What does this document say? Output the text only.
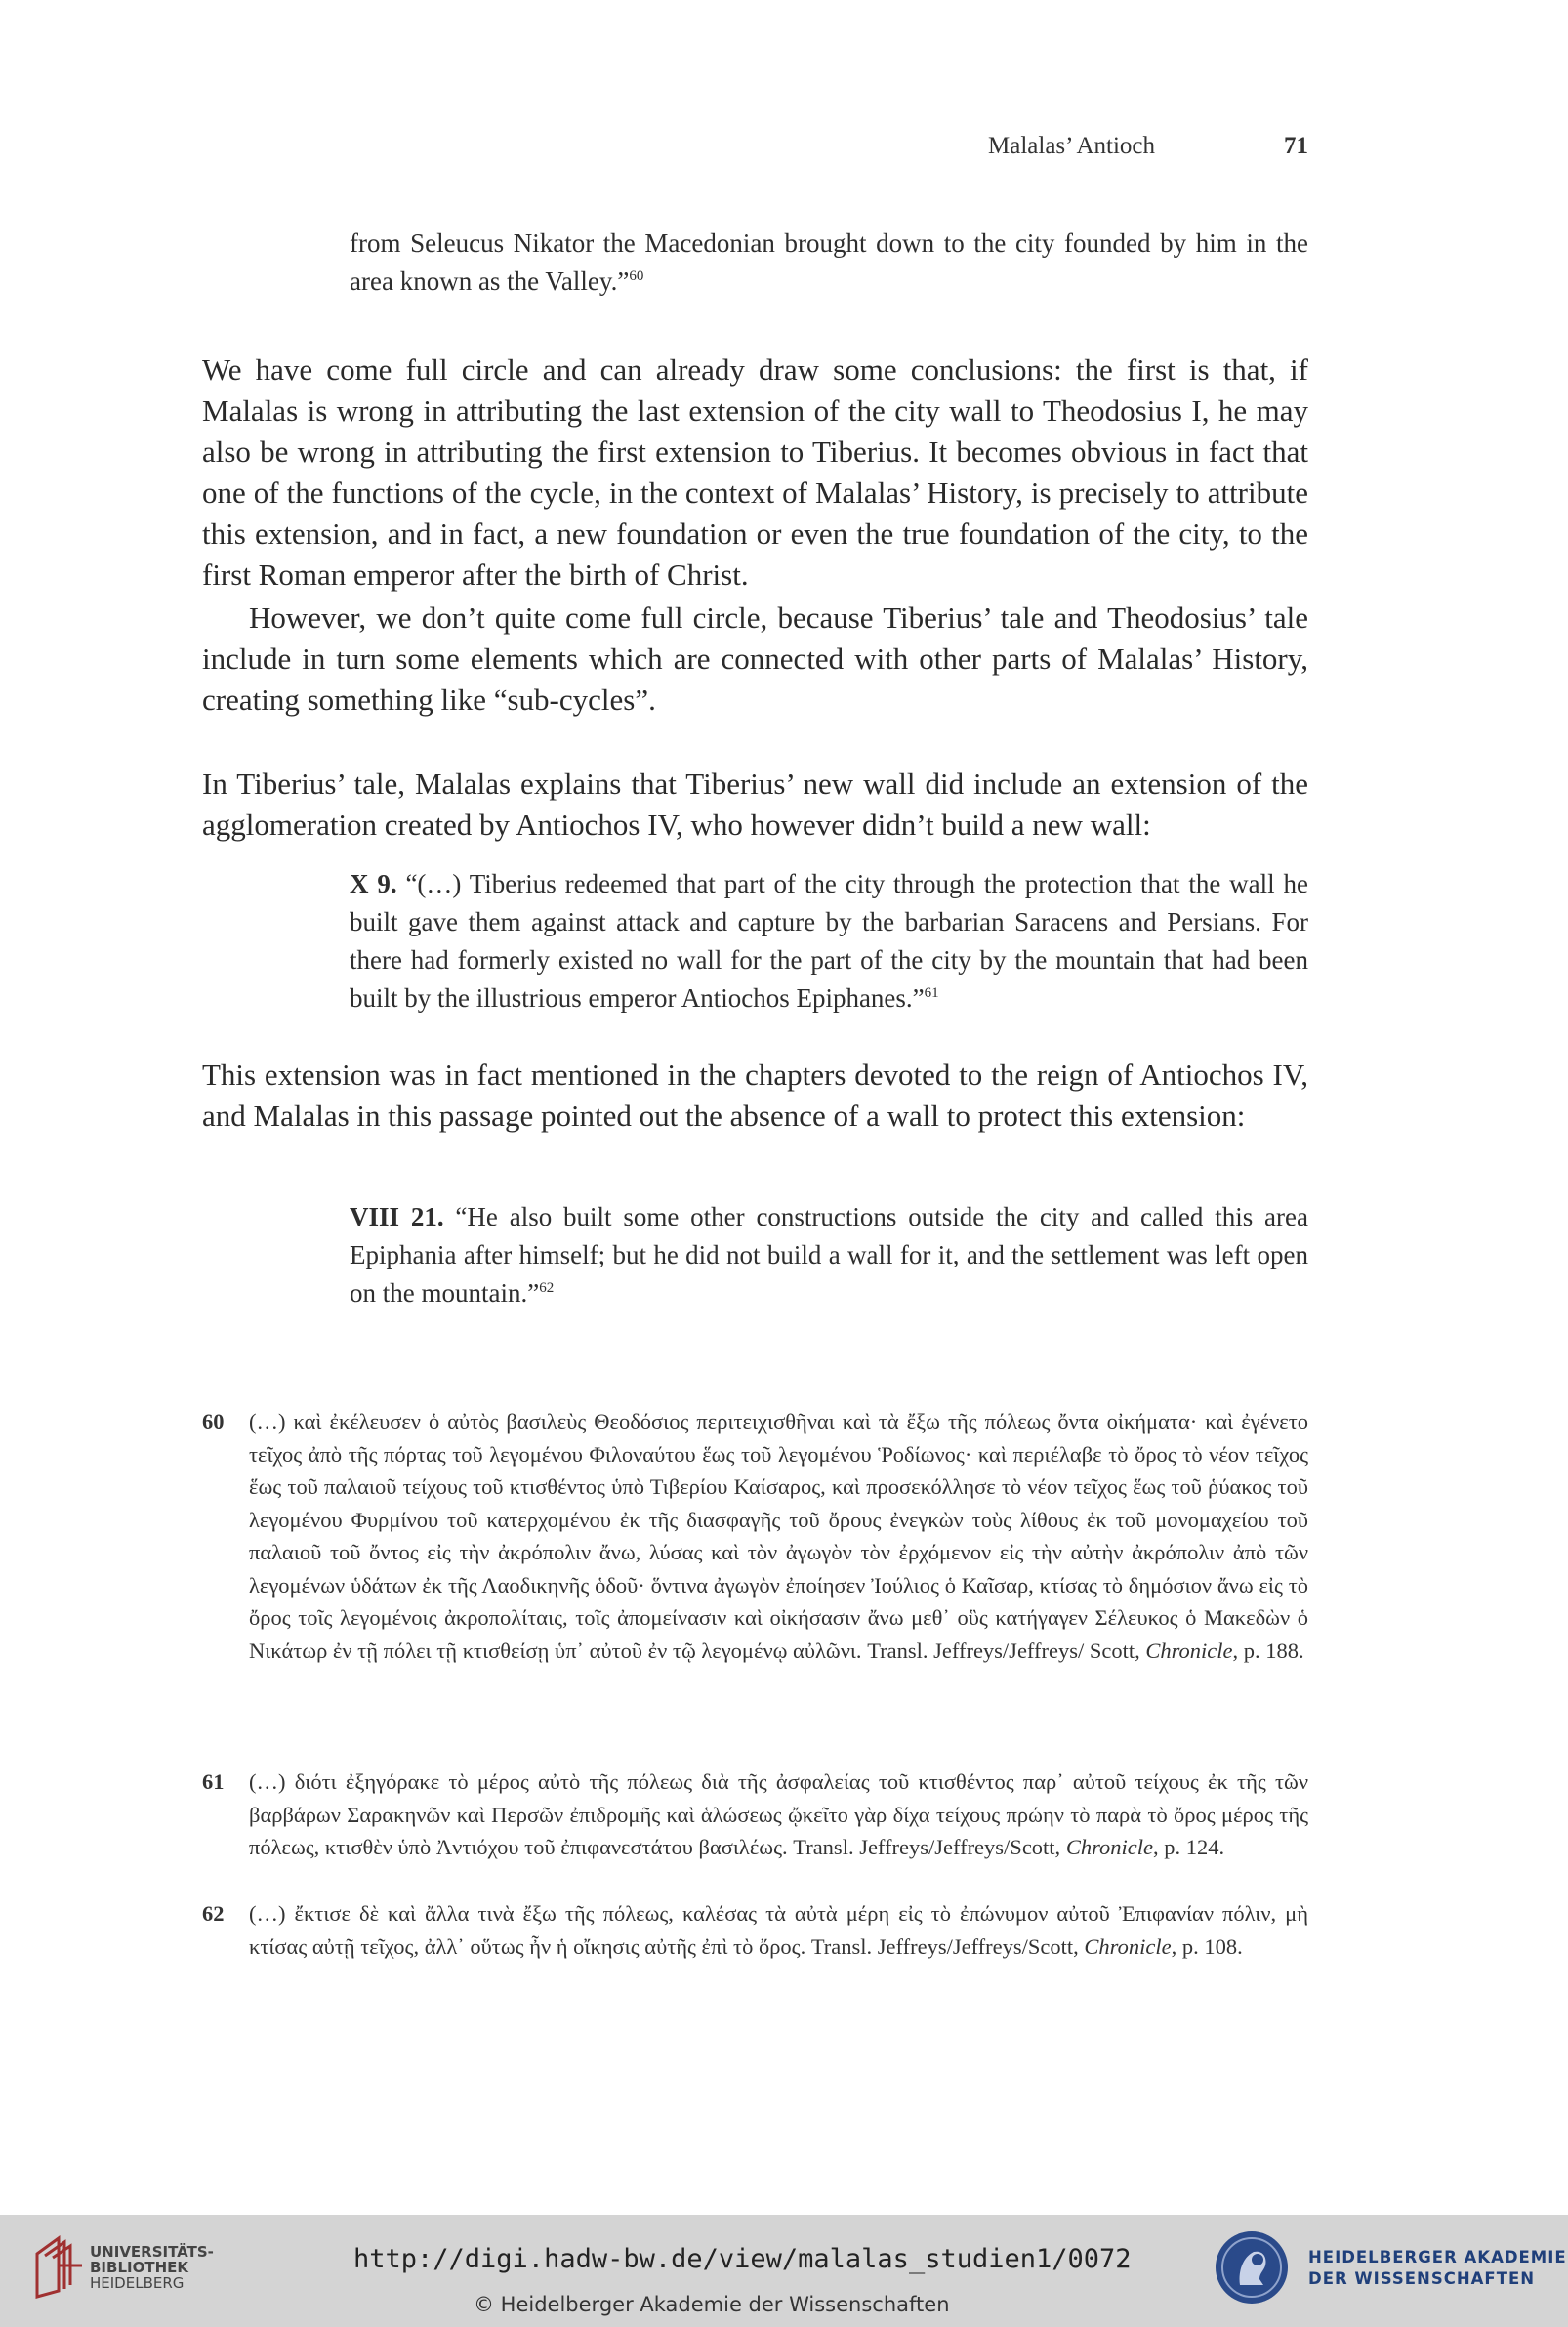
Malalas’ Antioch	71

from Seleucus Nikator the Macedonian brought down to the city founded by him in the area known as the Valley.”$^{60}$

We have come full circle and can already draw some conclusions: the first is that, if Malalas is wrong in attributing the last extension of the city wall to Theodosius I, he may also be wrong in attributing the first extension to Tiberius. It becomes obvious in fact that one of the functions of the cycle, in the context of Malalas’ History, is precisely to attribute this extension, and in fact, a new foundation or even the true foundation of the city, to the first Roman emperor after the birth of Christ.

However, we don’t quite come full circle, because Tiberius’ tale and Theodosius’ tale include in turn some elements which are connected with other parts of Malalas’ History, creating something like “sub-cycles”.

In Tiberius’ tale, Malalas explains that Tiberius’ new wall did include an extension of the agglomeration created by Antiochos IV, who however didn’t build a new wall:

X 9. “(…) Tiberius redeemed that part of the city through the protection that the wall he built gave them against attack and capture by the barbarian Saracens and Persians. For there had formerly existed no wall for the part of the city by the mountain that had been built by the illustrious emperor Antiochos Epiphanes.”$^{61}$

This extension was in fact mentioned in the chapters devoted to the reign of Antiochos IV, and Malalas in this passage pointed out the absence of a wall to protect this extension:

VIII 21. “He also built some other constructions outside the city and called this area Epiphania after himself; but he did not build a wall for it, and the settlement was left open on the mountain.”$^{62}$

60 (…) καὶ ἐκέλευσεν ὁ αὐτὸς βασιλεὺς Θεοδόσιος περιτειχισθῆναι καὶ τὰ ἔξω τῆς πόλεως ὄντα οἰκήματα· καὶ ἐγένετο τεῖχος ἀπὸ τῆς πόρτας τοῦ λεγομένου Φιλοναύτου ἕως τοῦ λεγομένου Ῥοδίωνος· καὶ περιέλαβε τὸ ὄρος τὸ νέον τεῖχος ἕως τοῦ παλαιοῦ τείχους τοῦ κτισθέντος ὑπὸ Τιβερίου Καίσαρος, καὶ προσεκόλλησε τὸ νέον τεῖχος ἕως τοῦ ῥύακος τοῦ λεγομένου Φυρμίνου τοῦ κατερχομένου ἐκ τῆς διασφαγῆς τοῦ ὄρους ἐνεγκὼν τοὺς λίθους ἐκ τοῦ μονομαχείου τοῦ παλαιοῦ τοῦ ὄντος εἰς τὴν ἀκρόπολιν ἄνω, λύσας καὶ τὸν ἀγωγὸν τὸν ἐρχόμενον εἰς τὴν αὐτὴν ἀκρόπολιν ἀπὸ τῶν λεγομένων ὑδάτων ἐκ τῆς Λαοδικηνῆς ὁδοῦ· ὅντινα ἀγωγὸν ἐποίησεν Ἰούλιος ὁ Καῖσαρ, κτίσας τὸ δημόσιον ἄνω εἰς τὸ ὄρος τοῖς λεγομένοις ἀκροπολίταις, τοῖς ἀπομείνασιν καὶ οἰκήσασιν ἄνω μεθ᾽ οὓς κατήγαγεν Σέλευκος ὁ Μακεδὼν ὁ Νικάτωρ ἐν τῇ πόλει τῇ κτισθείσῃ ὑπ᾽ αὐτοῦ ἐν τῷ λεγομένῳ αὐλῶνι. Transl. Jeffreys/Jeffreys/ Scott, Chronicle, p. 188.

61 (…) διότι ἐξηγόρακε τὸ μέρος αὐτὸ τῆς πόλεως διὰ τῆς ἀσφαλείας τοῦ κτισθέντος παρ᾽ αὐτοῦ τείχους ἐκ τῆς τῶν βαρβάρων Σαρακηνῶν καὶ Περσῶν ἐπιδρομῆς καὶ ἁλώσεως ᾤκεῖτο γὰρ δίχα τείχους πρώην τὸ παρὰ τὸ ὄρος μέρος τῆς πόλεως, κτισθὲν ὑπὸ Ἀντιόχου τοῦ ἐπιφανεστάτου βασιλέως. Transl. Jeffreys/Jeffreys/Scott, Chronicle, p. 124.

62 (…) ἔκτισε δὲ καὶ ἄλλα τινὰ ἔξω τῆς πόλεως, καλέσας τὰ αὐτὰ μέρη εἰς τὸ ἐπώνυμον αὐτοῦ Ἐπιφανίαν πόλιν, μὴ κτίσας αὐτῇ τεῖχος, ἀλλ᾽ οὕτως ἦν ἡ οἴκησις αὐτῆς ἐπὶ τὸ ὄρος. Transl. Jeffreys/Jeffreys/Scott, Chronicle, p. 108.

UNIVERSITÄTS-
BIBLIOTHEK
HEIDELBERG
http://digi.hadw-bw.de/view/malalas_studien1/0072
© Heidelberger Akademie der Wissenschaften
HEIDELBERGER AKADEMIE
DER WISSENSCHAFTEN
